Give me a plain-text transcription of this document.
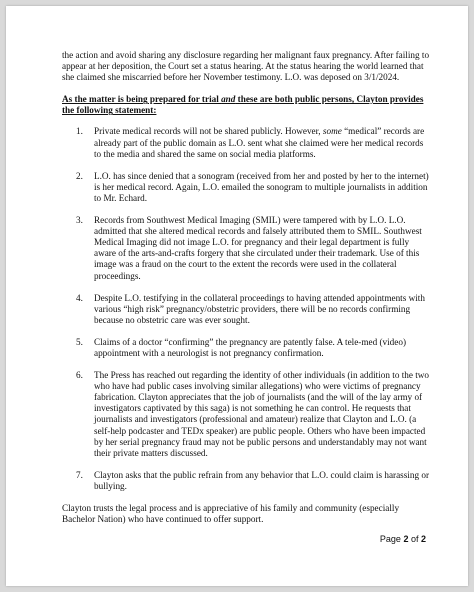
the action and avoid sharing any disclosure regarding her malignant faux pregnancy. After failing to appear at her deposition, the Court set a status hearing. At the status hearing the world learned that she claimed she miscarried before her November testimony. L.O. was deposed on 3/1/2024.

As the matter is being prepared for trial and these are both public persons, Clayton provides the following statement:

1. Private medical records will not be shared publicly. However, some “medical” records are already part of the public domain as L.O. sent what she claimed were her medical records to the media and shared the same on social media platforms.
2. L.O. has since denied that a sonogram (received from her and posted by her to the internet) is her medical record. Again, L.O. emailed the sonogram to multiple journalists in addition to Mr. Echard.
3. Records from Southwest Medical Imaging (SMIL) were tampered with by L.O. L.O. admitted that she altered medical records and falsely attributed them to SMIL. Southwest Medical Imaging did not image L.O. for pregnancy and their legal department is fully aware of the arts-and-crafts forgery that she circulated under their trademark. Use of this image was a fraud on the court to the extent the records were used in the collateral proceedings.
4. Despite L.O. testifying in the collateral proceedings to having attended appointments with various “high risk” pregnancy/obstetric providers, there will be no records confirming because no obstetric care was ever sought.
5. Claims of a doctor “confirming” the pregnancy are patently false. A tele-med (video) appointment with a neurologist is not pregnancy confirmation.
6. The Press has reached out regarding the identity of other individuals (in addition to the two who have had public cases involving similar allegations) who were victims of pregnancy fabrication. Clayton appreciates that the job of journalists (and the will of the lay army of investigators captivated by this saga) is not something he can control. He requests that journalists and investigators (professional and amateur) realize that Clayton and L.O. (a self-help podcaster and TEDx speaker) are public people. Others who have been impacted by her serial pregnancy fraud may not be public persons and understandably may not want their private matters discussed.
7. Clayton asks that the public refrain from any behavior that L.O. could claim is harassing or bullying.

Clayton trusts the legal process and is appreciative of his family and community (especially Bachelor Nation) who have continued to offer support.

Page 2 of 2
